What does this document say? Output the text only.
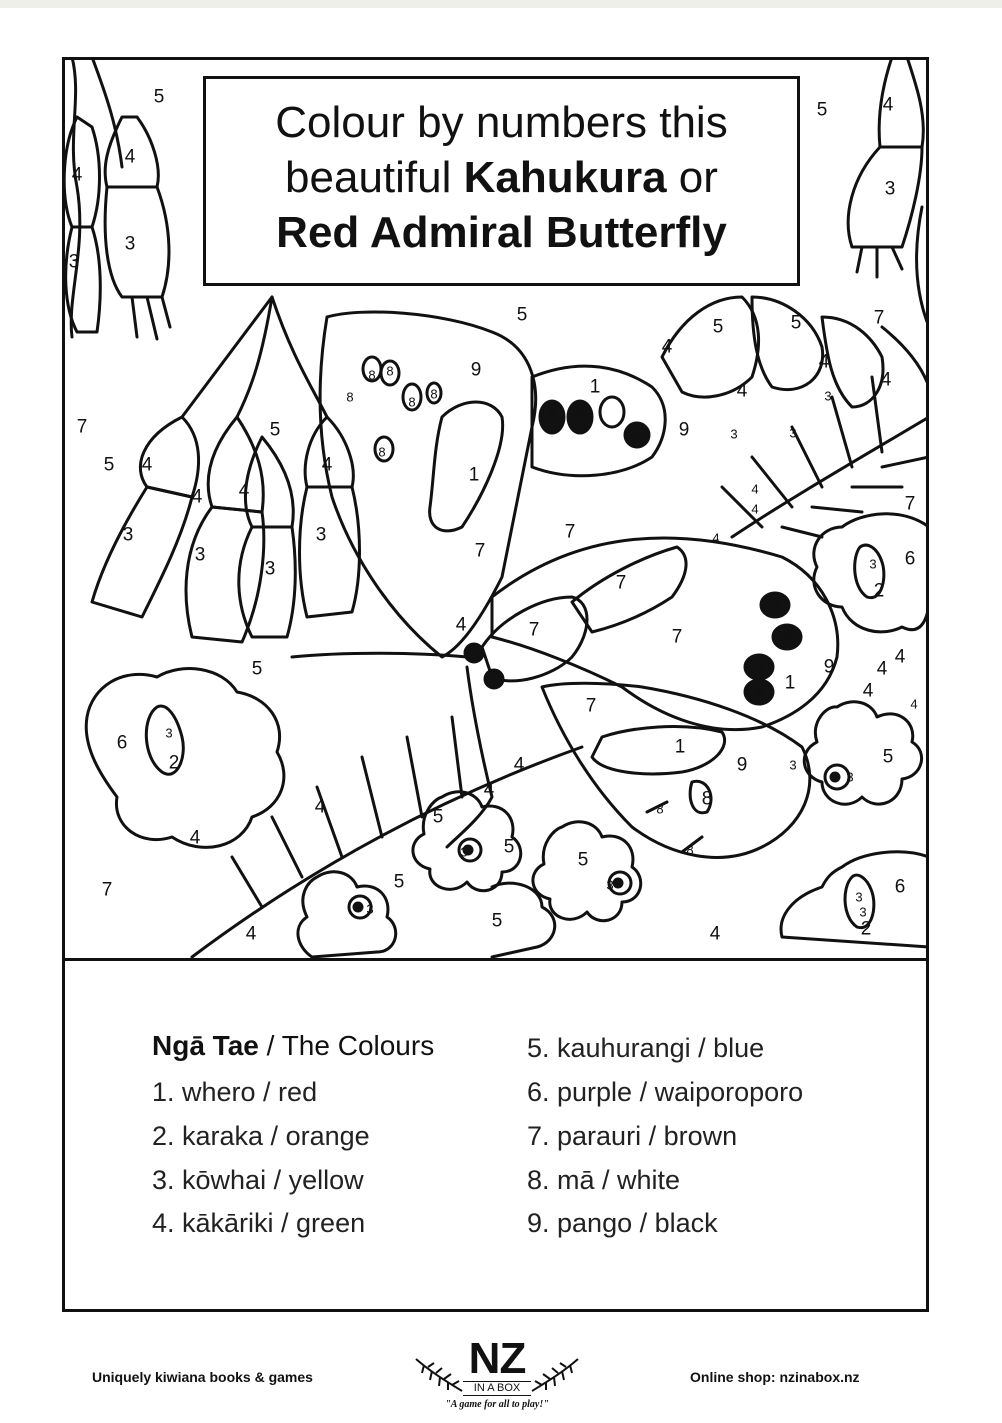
5
4
4
3
3
5	4
3
7
5 4
4 4
5
4
3
3
3
3
5
6	3
2
4
7
4
5
9
1
8
8 8
8
8
8
8 8
1
9
7
7
7
4	7
5	5	7
4
4
3
3	3
4
4
4
4
4
7
6
3
2
4
4
4
7
9
8
8
8
8
8
1
7
1
9	3
3
5
8
8
8
4
4
4	5
3 5
5
3
5
3
5
3 6
2
3
4
4
Colour by numbers this
beautiful Kahukura or
Red Admiral Butterfly
Ngā Tae / The Colours
1. whero / red
2. karaka / orange
3. kōwhai / yellow
4. kākāriki / green
5. kauhurangi / blue
6. purple / waiporoporo
7. parauri / brown
8. mā / white
9. pango / black
Uniquely kiwiana books & games	NZ
IN A BOX
"A game for all to play!"
Online shop: nzinabox.nz
